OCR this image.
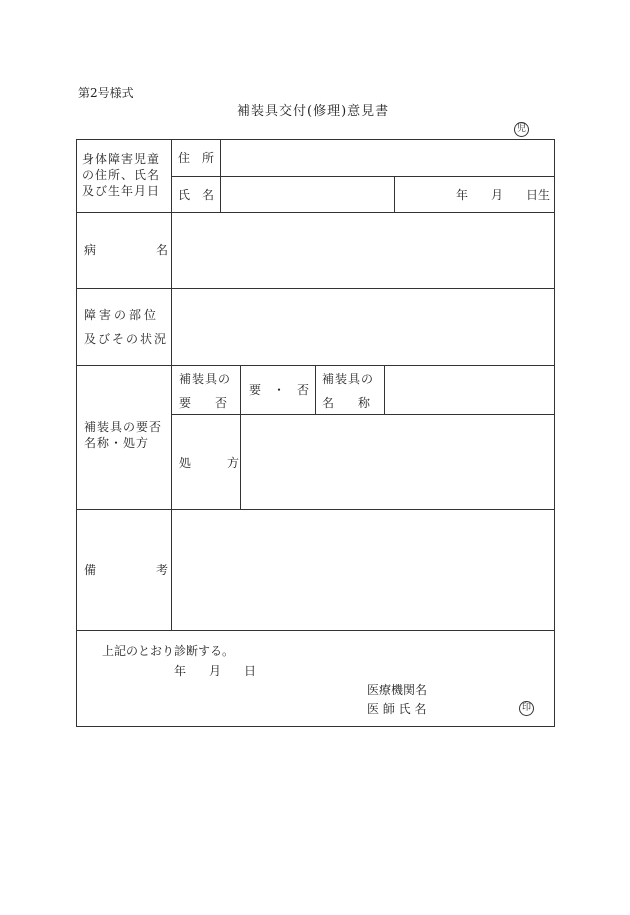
第2号様式
補装具交付(修理)意見書
児
身体障害児童
の住所、氏名
及び生年月日
住　所
氏　名	年 月 日生
病　　　　　名
障害の部位
及びその状況
補装具の要否
名称・処方
補装具の
要　　否
要　・　否
補装具の
名　　称
処　　　方
備　　　　　考
上記のとおり診断する。
年 月 日
医療機関名
医 師 氏 名	印
